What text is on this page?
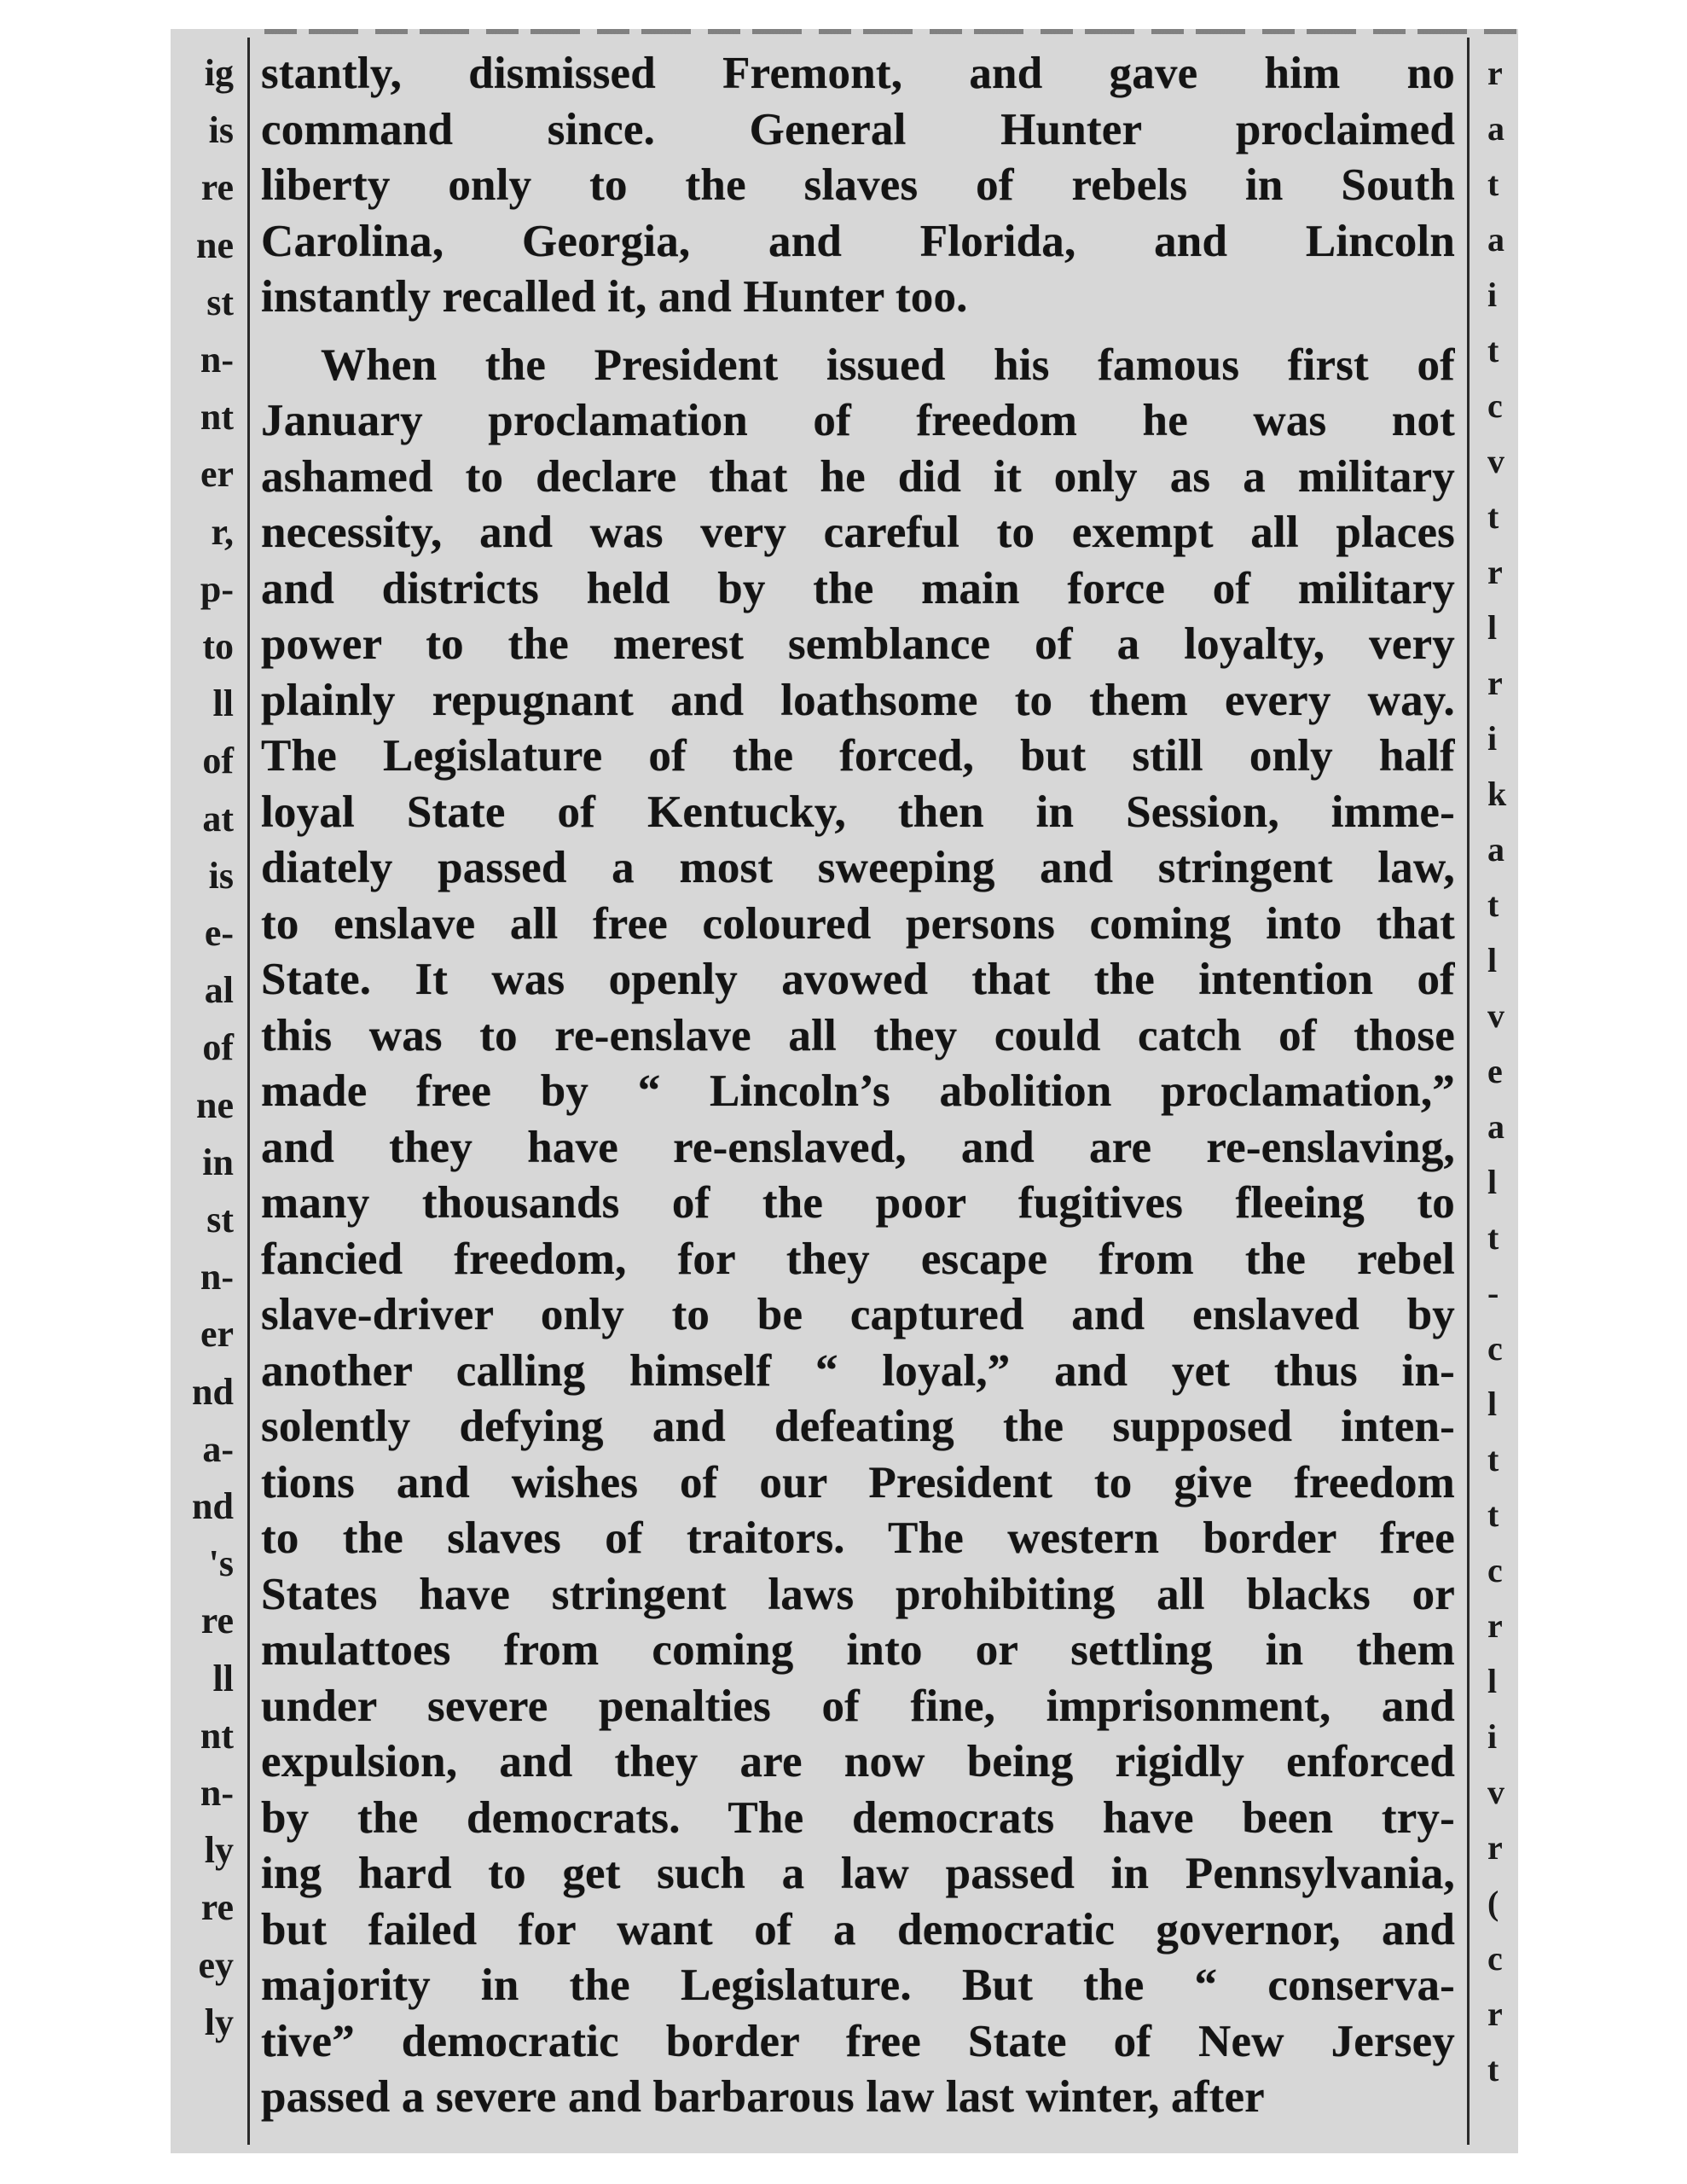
ig
is
re
ne
st
n-
nt
er
r,
p-
to
ll
of
at
is
e-
al
of
ne
in
st
n-
er
nd
a-
nd
's
re
ll
nt
n-
ly
re
ey
ly
stantly, dismissed Fremont, and gave him no
command since. General Hunter proclaimed
liberty only to the slaves of rebels in South
Carolina, Georgia, and Florida, and Lincoln
instantly recalled it, and Hunter too.
When the President issued his famous first of
January proclamation of freedom he was not
ashamed to declare that he did it only as a military
necessity, and was very careful to exempt all places
and districts held by the main force of military
power to the merest semblance of a loyalty, very
plainly repugnant and loathsome to them every way.
The Legislature of the forced, but still only half
loyal State of Kentucky, then in Session, imme-
diately passed a most sweeping and stringent law,
to enslave all free coloured persons coming into that
State. It was openly avowed that the intention of
this was to re-enslave all they could catch of those
made free by “ Lincoln’s abolition proclamation,”
and they have re-enslaved, and are re-enslaving,
many thousands of the poor fugitives fleeing to
fancied freedom, for they escape from the rebel
slave-driver only to be captured and enslaved by
another calling himself “ loyal,” and yet thus in-
solently defying and defeating the supposed inten-
tions and wishes of our President to give freedom
to the slaves of traitors. The western border free
States have stringent laws prohibiting all blacks or
mulattoes from coming into or settling in them
under severe penalties of fine, imprisonment, and
expulsion, and they are now being rigidly enforced
by the democrats. The democrats have been try-
ing hard to get such a law passed in Pennsylvania,
but failed for want of a democratic governor, and
majority in the Legislature. But the “ conserva-
tive” democratic border free State of New Jersey
passed a severe and barbarous law last winter, after
r
a
t
a
i
t
c
v
t
r
l
r
i
k
a
t
l
v
e
a
l
t
-
c
l
t
t
c
r
l
i
v
r
(
c
r
t
